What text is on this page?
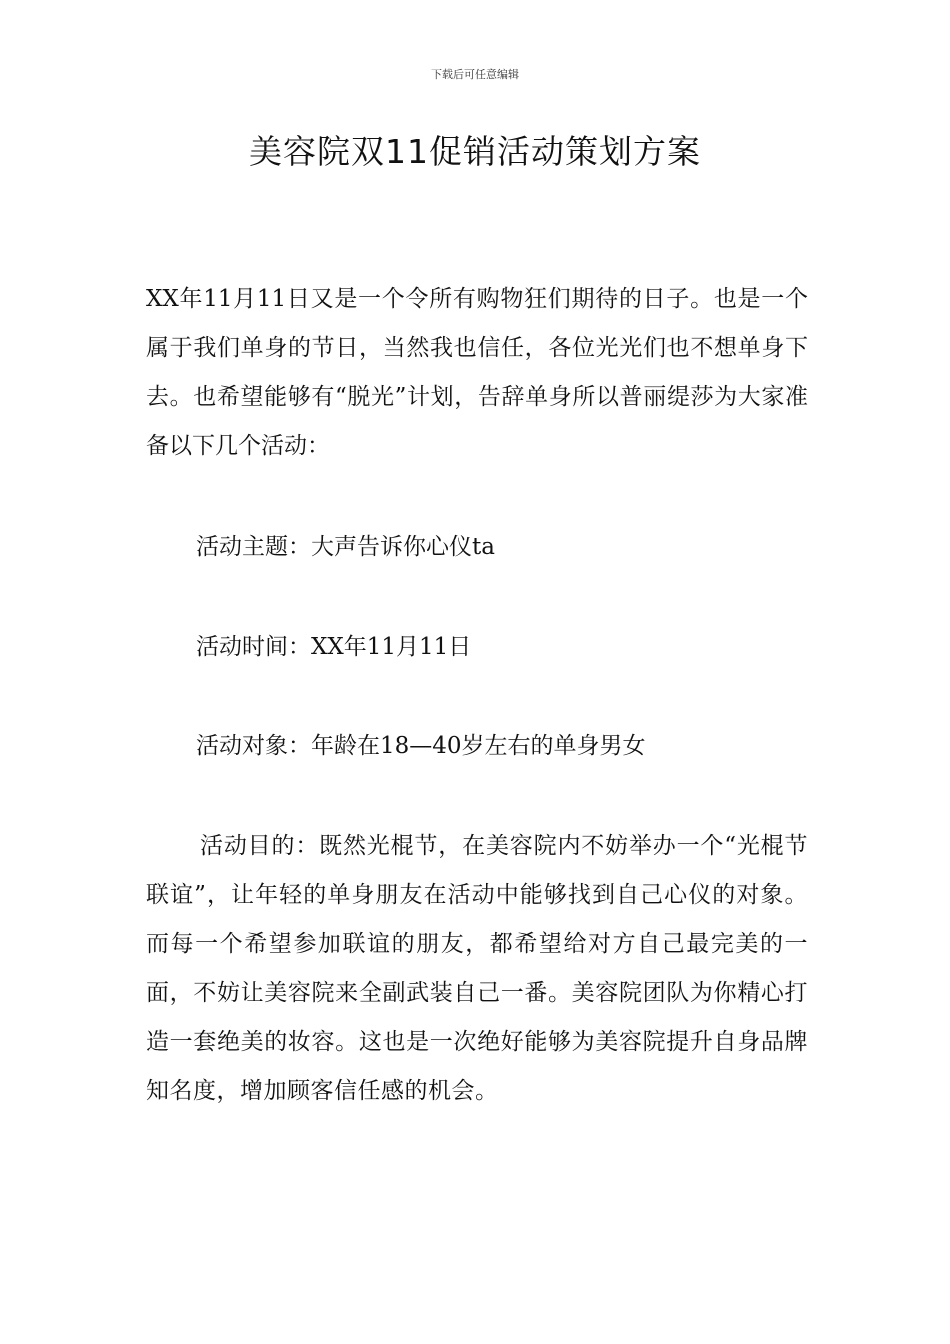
下载后可任意编辑
美容院双11促销活动策划方案

XX年11月11日又是一个令所有购物狂们期待的日子。也是一个属于我们单身的节日，当然我也信任，各位光光们也不想单身下去。也希望能够有“脱光”计划，告辞单身所以普丽缇莎为大家准备以下几个活动：

活动主题：大声告诉你心仪ta

活动时间：XX年11月11日

活动对象：年龄在18—40岁左右的单身男女

活动目的：既然光棍节，在美容院内不妨举办一个“光棍节联谊”，让年轻的单身朋友在活动中能够找到自己心仪的对象。而每一个希望参加联谊的朋友，都希望给对方自己最完美的一面，不妨让美容院来全副武装自己一番。美容院团队为你精心打造一套绝美的妆容。这也是一次绝好能够为美容院提升自身品牌知名度，增加顾客信任感的机会。
